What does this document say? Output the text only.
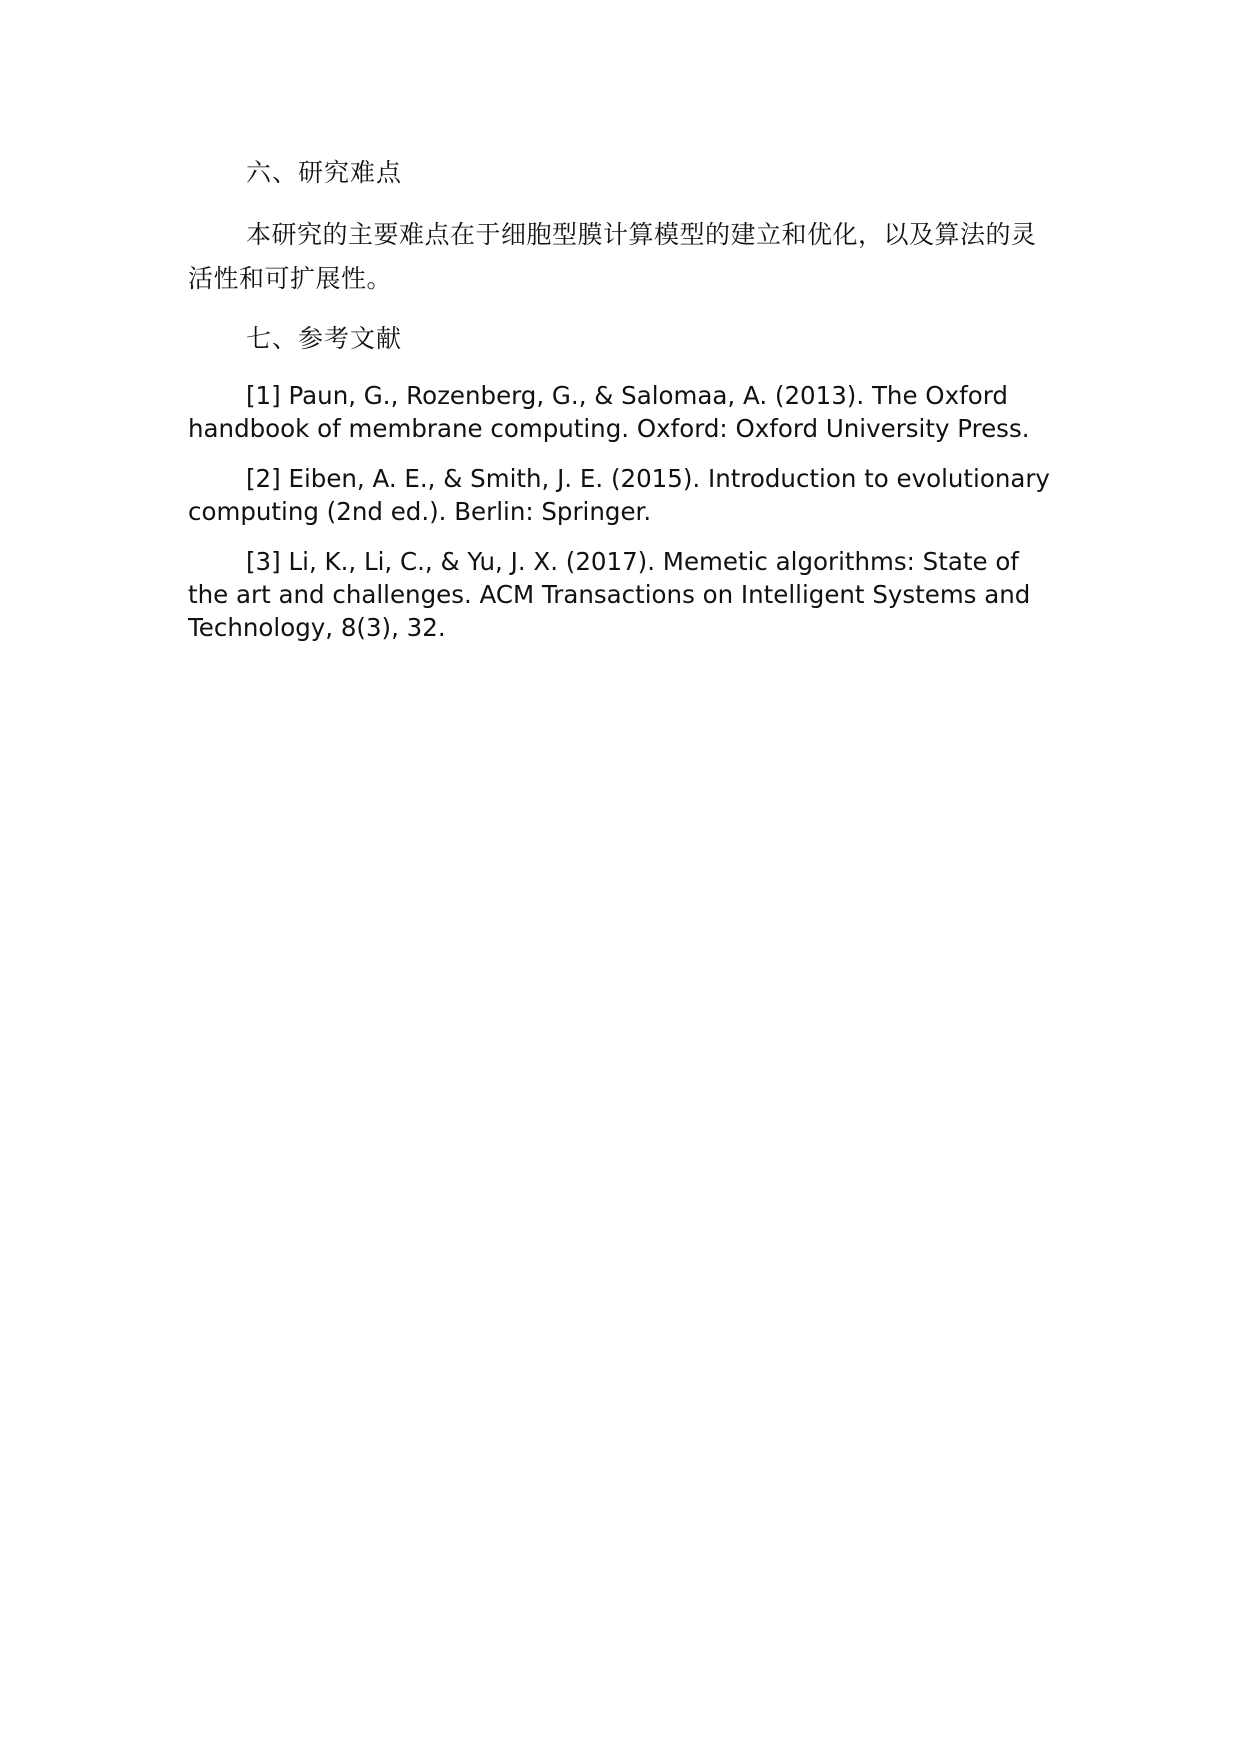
六、研究难点

本研究的主要难点在于细胞型膜计算模型的建立和优化，以及算法的灵活性和可扩展性。

七、参考文献

[1] Paun, G., Rozenberg, G., & Salomaa, A. (2013). The Oxford handbook of membrane computing. Oxford: Oxford University Press.

[2] Eiben, A. E., & Smith, J. E. (2015). Introduction to evolutionary computing (2nd ed.). Berlin: Springer.

[3] Li, K., Li, C., & Yu, J. X. (2017). Memetic algorithms: State of the art and challenges. ACM Transactions on Intelligent Systems and Technology, 8(3), 32.
